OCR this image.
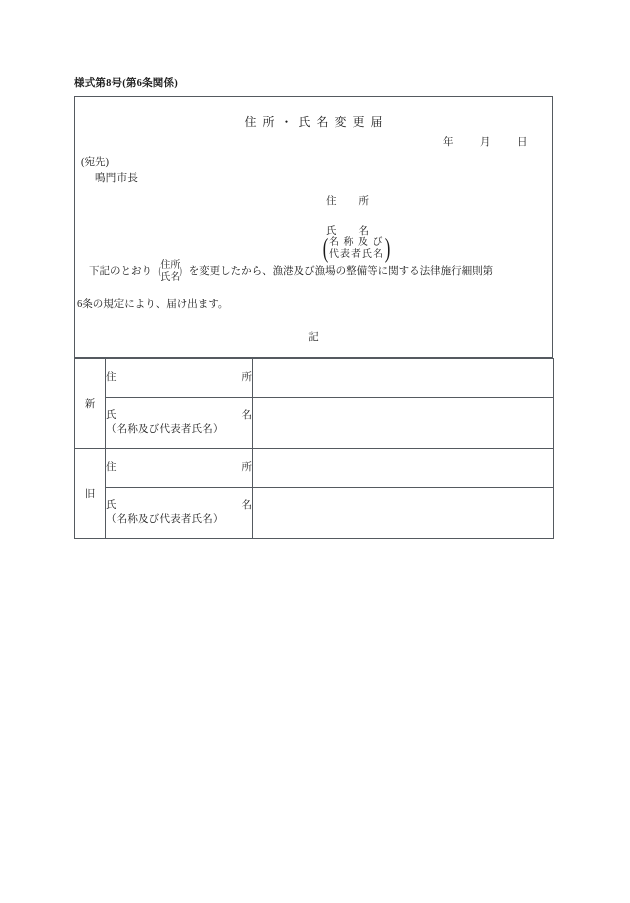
様式第8号(第6条関係)
住所・氏名変更届
年 月 日
(宛先)
鳴門市長
住 所
氏 名
( 名 称 及 び
代表者氏名 )
下記のとおり (
住所
氏名
) を変更したから、漁港及び漁場の整備等に関する法律施行細則第
6条の規定により、届け出ます。
記
新	住 所	

	氏 名
（名称及び代表者氏名）	

旧	住 所	

	氏 名
（名称及び代表者氏名）	
